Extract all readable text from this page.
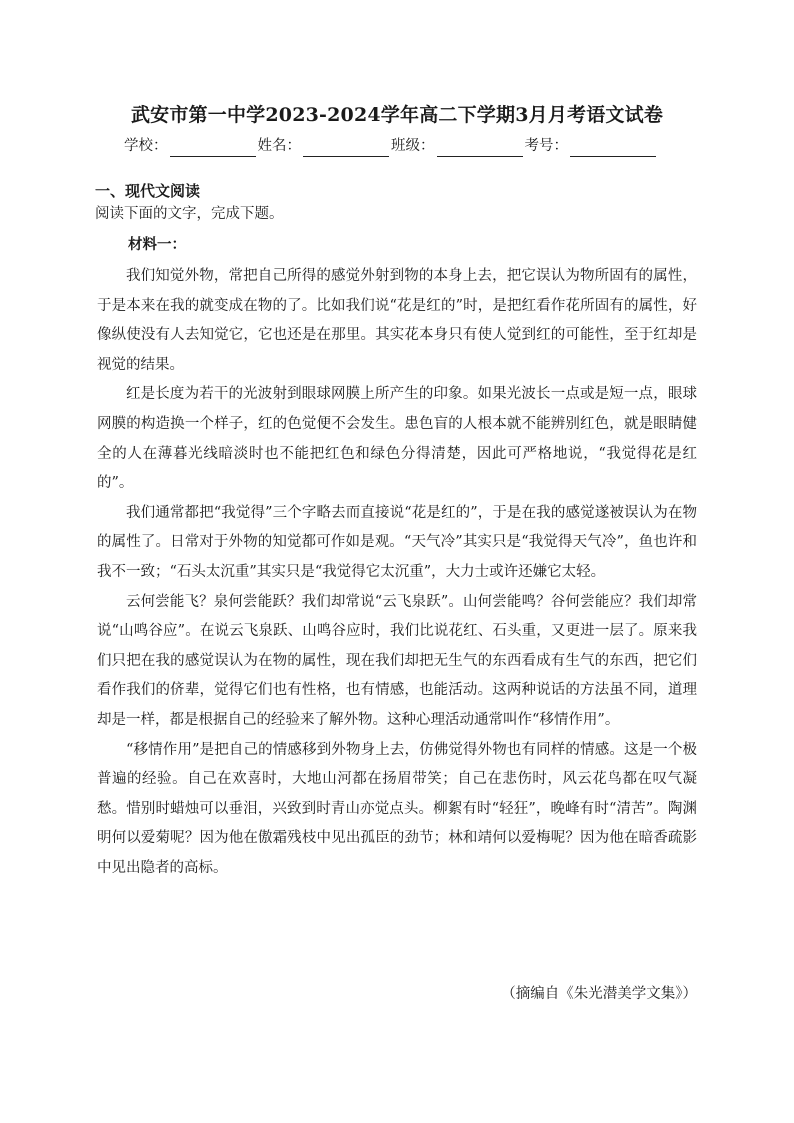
武安市第一中学2023-2024学年高二下学期3月月考语文试卷
学校：	姓名：	班级：	考号：
一、现代文阅读
阅读下面的文字，完成下题。
材料一：

我们知觉外物，常把自己所得的感觉外射到物的本身上去，把它误认为物所固有的属性，于是本来在我的就变成在物的了。比如我们说“花是红的”时，是把红看作花所固有的属性，好像纵使没有人去知觉它，它也还是在那里。其实花本身只有使人觉到红的可能性，至于红却是视觉的结果。

红是长度为若干的光波射到眼球网膜上所产生的印象。如果光波长一点或是短一点，眼球网膜的构造换一个样子，红的色觉便不会发生。患色盲的人根本就不能辨别红色，就是眼睛健全的人在薄暮光线暗淡时也不能把红色和绿色分得清楚，因此可严格地说，“我觉得花是红的”。

我们通常都把“我觉得”三个字略去而直接说“花是红的”，于是在我的感觉遂被误认为在物的属性了。日常对于外物的知觉都可作如是观。“天气冷”其实只是“我觉得天气冷”，鱼也许和我不一致；“石头太沉重”其实只是“我觉得它太沉重”，大力士或许还嫌它太轻。

云何尝能飞？泉何尝能跃？我们却常说“云飞泉跃”。山何尝能鸣？谷何尝能应？我们却常说“山鸣谷应”。在说云飞泉跃、山鸣谷应时，我们比说花红、石头重，又更进一层了。原来我们只把在我的感觉误认为在物的属性，现在我们却把无生气的东西看成有生气的东西，把它们看作我们的侪辈，觉得它们也有性格，也有情感，也能活动。这两种说话的方法虽不同，道理却是一样，都是根据自己的经验来了解外物。这种心理活动通常叫作“移情作用”。

“移情作用”是把自己的情感移到外物身上去，仿佛觉得外物也有同样的情感。这是一个极普遍的经验。自己在欢喜时，大地山河都在扬眉带笑；自己在悲伤时，风云花鸟都在叹气凝愁。惜别时蜡烛可以垂泪，兴致到时青山亦觉点头。柳絮有时“轻狂”，晚峰有时“清苦”。陶渊明何以爱菊呢？因为他在傲霜残枝中见出孤臣的劲节；林和靖何以爱梅呢？因为他在暗香疏影中见出隐者的高标。

（摘编自《朱光潜美学文集》）
